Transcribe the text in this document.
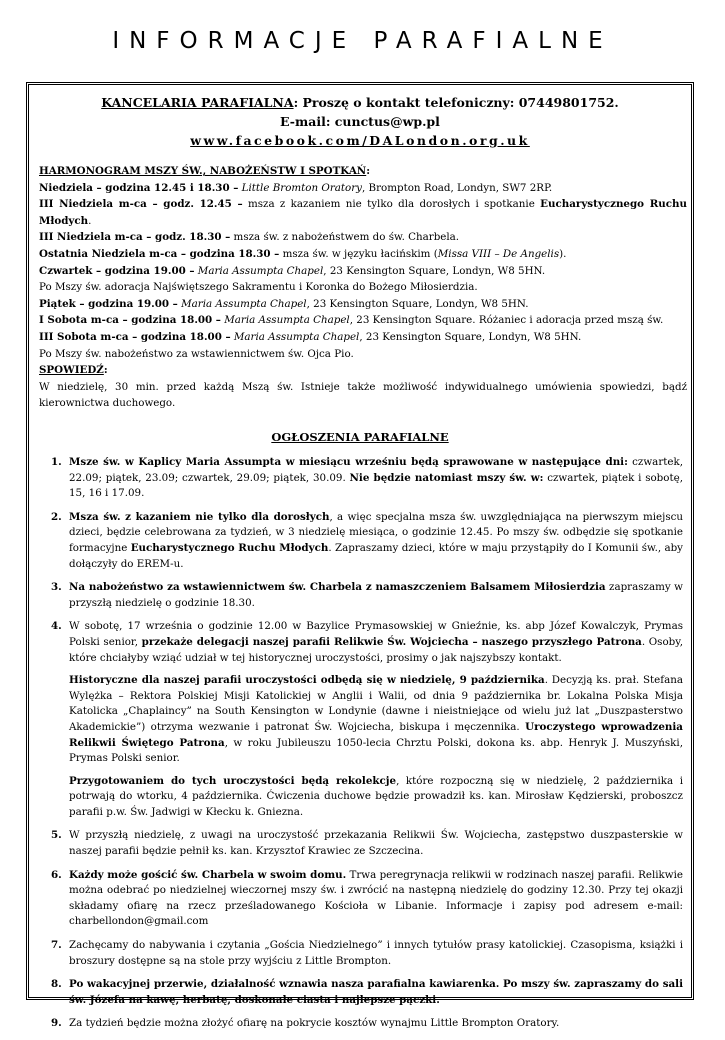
INFORMACJE PARAFIALNE
KANCELARIA PARAFIALNA: Proszę o kontakt telefoniczny: 07449801752.
E-mail: cunctus@wp.pl
www.facebook.com/DALondon.org.uk
HARMONOGRAM MSZY ŚW., NABOŻEŃSTW I SPOTKAŃ:
Niedziela – godzina 12.45 i 18.30 – Little Bromton Oratory, Brompton Road, Londyn, SW7 2RP.
III Niedziela m-ca – godz. 12.45 – msza z kazaniem nie tylko dla dorosłych i spotkanie Eucharystycznego Ruchu Młodych.
III Niedziela m-ca – godz. 18.30 – msza św. z nabożeństwem do św. Charbela.
Ostatnia Niedziela m-ca – godzina 18.30 – msza św. w języku łacińskim (Missa VIII – De Angelis).
Czwartek – godzina 19.00 – Maria Assumpta Chapel, 23 Kensington Square, Londyn, W8 5HN.
Po Mszy św. adoracja Najświętszego Sakramentu i Koronka do Bożego Miłosierdzia.
Piątek – godzina 19.00 – Maria Assumpta Chapel, 23 Kensington Square, Londyn, W8 5HN.
I Sobota m-ca – godzina 18.00 – Maria Assumpta Chapel, 23 Kensington Square. Różaniec i adoracja przed mszą św.
III Sobota m-ca – godzina 18.00 – Maria Assumpta Chapel, 23 Kensington Square, Londyn, W8 5HN.
Po Mszy św. nabożeństwo za wstawiennictwem św. Ojca Pio.
SPOWIEDŹ:
W niedzielę, 30 min. przed każdą Mszą św. Istnieje także możliwość indywidualnego umówienia spowiedzi, bądź kierownictwa duchowego.
OGŁOSZENIA PARAFIALNE
1. Msze św. w Kaplicy Maria Assumpta w miesiącu wrześniu będą sprawowane w następujące dni: czwartek, 22.09; piątek, 23.09; czwartek, 29.09; piątek, 30.09. Nie będzie natomiast mszy św. w: czwartek, piątek i sobotę, 15, 16 i 17.09.

2. Msza św. z kazaniem nie tylko dla dorosłych, a więc specjalna msza św. uwzględniająca na pierwszym miejscu dzieci, będzie celebrowana za tydzień, w 3 niedzielę miesiąca, o godzinie 12.45. Po mszy św. odbędzie się spotkanie formacyjne Eucharystycznego Ruchu Młodych. Zapraszamy dzieci, które w maju przystąpiły do I Komunii św., aby dołączyły do EREM-u.

3. Na nabożeństwo za wstawiennictwem św. Charbela z namaszczeniem Balsamem Miłosierdzia zapraszamy w przyszłą niedzielę o godzinie 18.30.

4. W sobotę, 17 września o godzinie 12.00 w Bazylice Prymasowskiej w Gnieźnie, ks. abp Józef Kowalczyk, Prymas Polski senior, przekaże delegacji naszej parafii Relikwie Św. Wojciecha – naszego przyszłego Patrona. Osoby, które chciałyby wziąć udział w tej historycznej uroczystości, prosimy o jak najszybszy kontakt.

Historyczne dla naszej parafii uroczystości odbędą się w niedzielę, 9 października. Decyzją ks. prał. Stefana Wylężka – Rektora Polskiej Misji Katolickiej w Anglii i Walii, od dnia 9 października br. Lokalna Polska Misja Katolicka „Chaplaincy” na South Kensington w Londynie (dawne i nieistniejące od wielu już lat „Duszpasterstwo Akademickie”) otrzyma wezwanie i patronat Św. Wojciecha, biskupa i męczennika. Uroczystego wprowadzenia Relikwii Świętego Patrona, w roku Jubileuszu 1050-lecia Chrztu Polski, dokona ks. abp. Henryk J. Muszyński, Prymas Polski senior.

Przygotowaniem do tych uroczystości będą rekolekcje, które rozpoczną się w niedzielę, 2 października i potrwają do wtorku, 4 października. Ćwiczenia duchowe będzie prowadził ks. kan. Mirosław Kędzierski, proboszcz parafii p.w. Św. Jadwigi w Kłecku k. Gniezna.

5. W przyszłą niedzielę, z uwagi na uroczystość przekazania Relikwii Św. Wojciecha, zastępstwo duszpasterskie w naszej parafii będzie pełnił ks. kan. Krzysztof Krawiec ze Szczecina.

6. Każdy może gościć św. Charbela w swoim domu. Trwa peregrynacja relikwii w rodzinach naszej parafii. Relikwie można odebrać po niedzielnej wieczornej mszy św. i zwrócić na następną niedzielę do godziny 12.30. Przy tej okazji składamy ofiarę na rzecz prześladowanego Kościoła w Libanie. Informacje i zapisy pod adresem e-mail: charbellondon@gmail.com

7. Zachęcamy do nabywania i czytania „Gościa Niedzielnego” i innych tytułów prasy katolickiej. Czasopisma, książki i broszury dostępne są na stole przy wyjściu z Little Brompton.

8. Po wakacyjnej przerwie, działalność wznawia nasza parafialna kawiarenka. Po mszy św. zapraszamy do sali św. Józefa na kawę, herbatę, doskonałe ciasta i najlepsze pączki.

9. Za tydzień będzie można złożyć ofiarę na pokrycie kosztów wynajmu Little Brompton Oratory.
